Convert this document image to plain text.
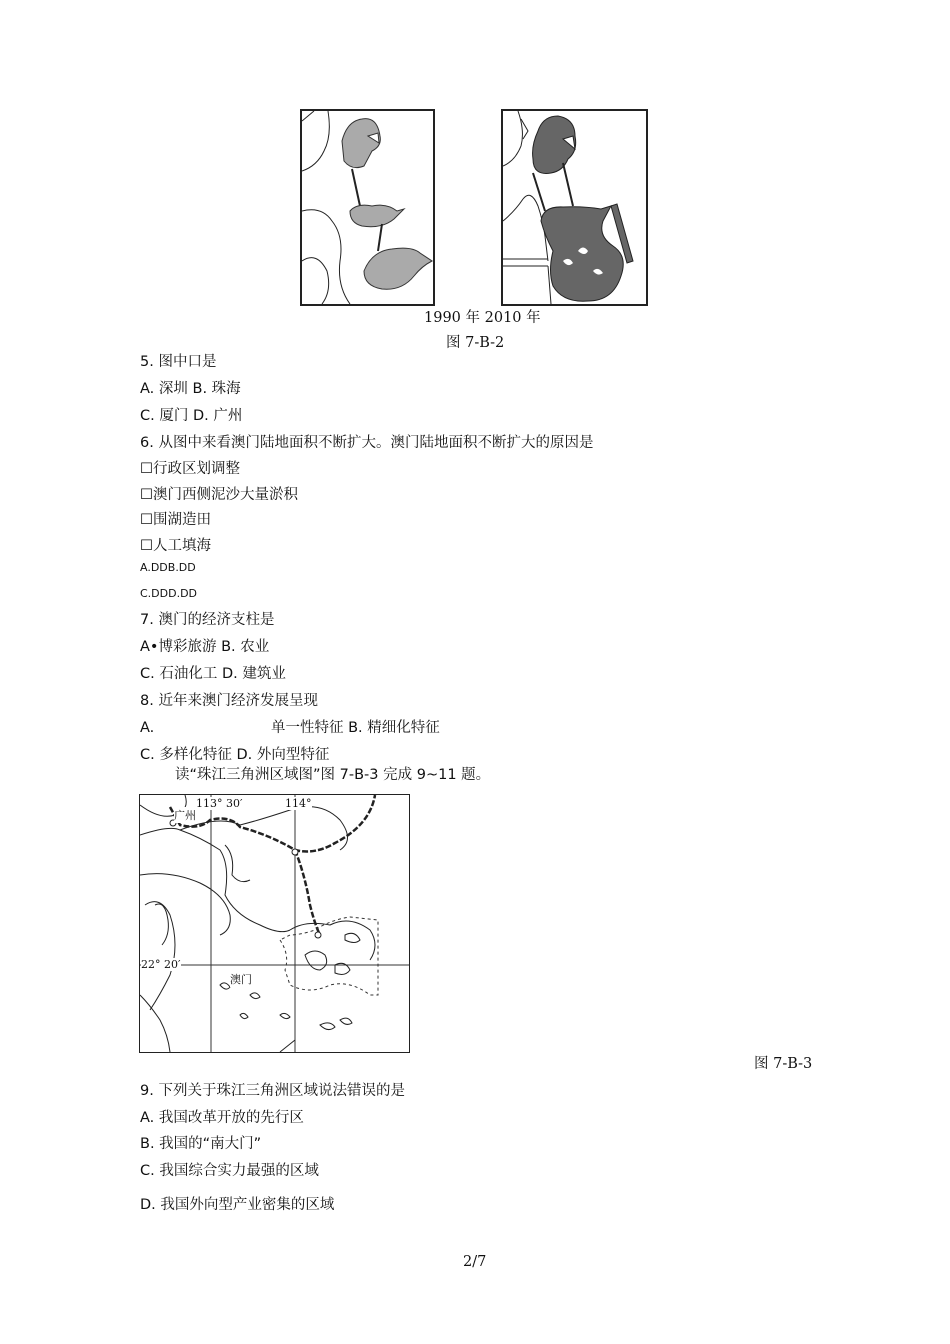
1990 年 2010 年
图 7-B-2
5. 图中口是
A. 深圳 B. 珠海
C. 厦门 D. 广州
6. 从图中来看澳门陆地面积不断扩大。澳门陆地面积不断扩大的原因是
☐行政区划调整
☐澳门西侧泥沙大量淤积
☐围湖造田
☐人工填海
A.DDB.DD
C.DDD.DD
7. 澳门的经济支柱是
A•博彩旅游 B. 农业
C. 石油化工 D. 建筑业
8. 近年来澳门经济发展呈现
A.	单一性特征 B. 精细化特征
C. 多样化特征 D. 外向型特征
读“珠江三角洲区域图”图 7-B-3 完成 9~11 题。
113° 30′	114°
广州
22° 20′
澳门
图 7-B-3
9. 下列关于珠江三角洲区域说法错误的是
A. 我国改革开放的先行区
B. 我国的“南大门”
C. 我国综合实力最强的区域
D. 我国外向型产业密集的区域
2/7
